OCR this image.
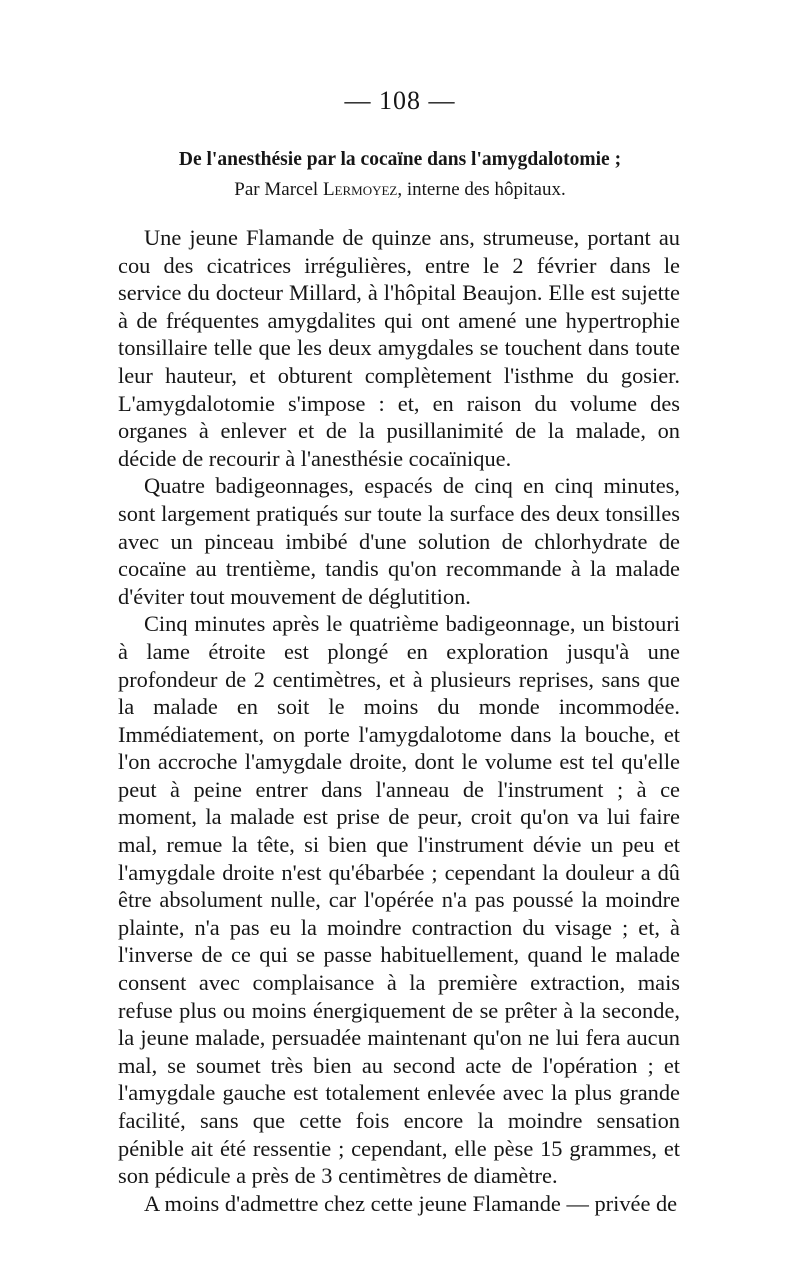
— 108 —
De l'anesthésie par la cocaïne dans l'amygdalotomie ;
Par Marcel Lermoyez, interne des hôpitaux.

Une jeune Flamande de quinze ans, strumeuse, portant au cou des cicatrices irrégulières, entre le 2 février dans le service du docteur Millard, à l'hôpital Beaujon. Elle est sujette à de fréquentes amygdalites qui ont amené une hypertrophie tonsillaire telle que les deux amygdales se touchent dans toute leur hauteur, et obturent complètement l'isthme du gosier. L'amygdalotomie s'impose : et, en raison du volume des organes à enlever et de la pusillanimité de la malade, on décide de recourir à l'anesthésie cocaïnique.

Quatre badigeonnages, espacés de cinq en cinq minutes, sont largement pratiqués sur toute la surface des deux tonsilles avec un pinceau imbibé d'une solution de chlorhydrate de cocaïne au trentième, tandis qu'on recommande à la malade d'éviter tout mouvement de déglutition.

Cinq minutes après le quatrième badigeonnage, un bistouri à lame étroite est plongé en exploration jusqu'à une profondeur de 2 centimètres, et à plusieurs reprises, sans que la malade en soit le moins du monde incommodée. Immédiatement, on porte l'amygdalotome dans la bouche, et l'on accroche l'amygdale droite, dont le volume est tel qu'elle peut à peine entrer dans l'anneau de l'instrument ; à ce moment, la malade est prise de peur, croit qu'on va lui faire mal, remue la tête, si bien que l'instrument dévie un peu et l'amygdale droite n'est qu'ébarbée ; cependant la douleur a dû être absolument nulle, car l'opérée n'a pas poussé la moindre plainte, n'a pas eu la moindre contraction du visage ; et, à l'inverse de ce qui se passe habituellement, quand le malade consent avec complaisance à la première extraction, mais refuse plus ou moins énergiquement de se prêter à la seconde, la jeune malade, persuadée maintenant qu'on ne lui fera aucun mal, se soumet très bien au second acte de l'opération ; et l'amygdale gauche est totalement enlevée avec la plus grande facilité, sans que cette fois encore la moindre sensation pénible ait été ressentie ; cependant, elle pèse 15 grammes, et son pédicule a près de 3 centimètres de diamètre.

A moins d'admettre chez cette jeune Flamande — privée de
